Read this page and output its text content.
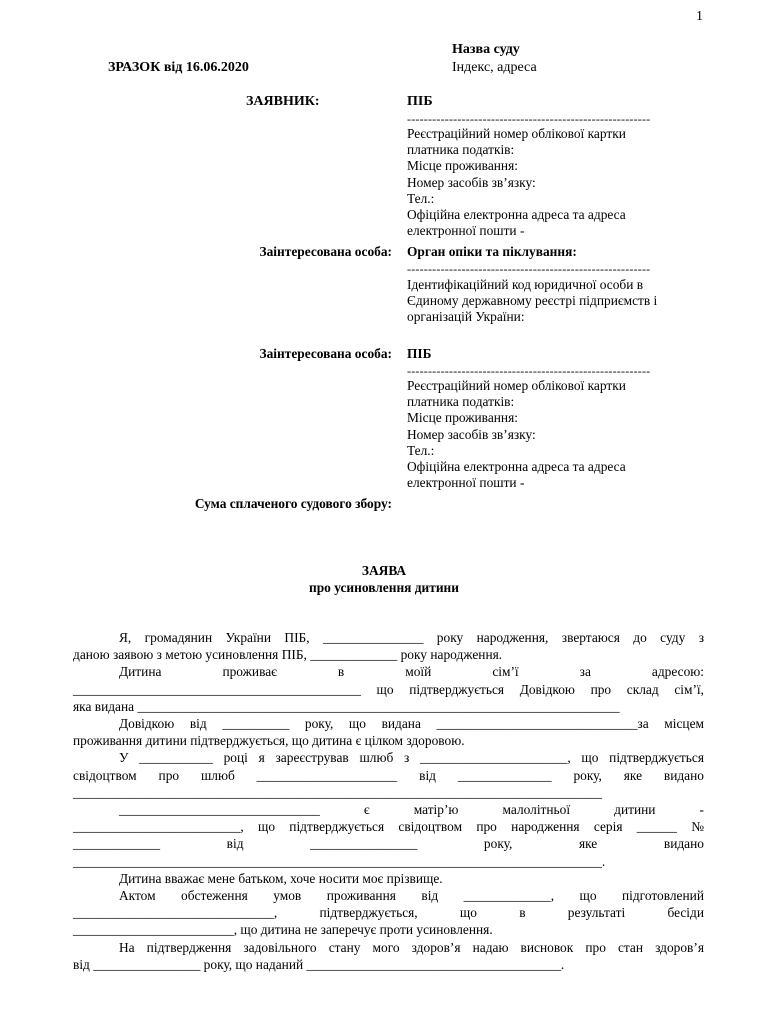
1
Назва суду
ЗРАЗОК від 16.06.2020	Індекс, адреса
ЗАЯВНИК:	ПІБ
----------------------------------------------------------
Реєстраційний номер облікової картки
платника податків:
Місце проживання:
Номер засобів зв’язку:
Тел.:
Офіційна електронна адреса та адреса
електронної пошти -
Заінтересована особа: Орган опіки та піклування:
----------------------------------------------------------
Ідентифікаційний код юридичної особи в
Єдиному державному реєстрі підприємств і
організацій України:
Заінтересована особа: ПІБ
----------------------------------------------------------
Реєстраційний номер облікової картки
платника податків:
Місце проживання:
Номер засобів зв’язку:
Тел.:
Офіційна електронна адреса та адреса
електронної пошти -
Сума сплаченого судового збору:
ЗАЯВА
про усиновлення дитини

Я, громадянин України ПІБ, _______________ року народження, звертаюся до суду з

даною заявою з метою усиновлення ПІБ, _____________ року народження.

Дитина проживає в моїй сім’ї за адресою:

___________________________________________ що підтверджується Довідкою про склад сім’ї,

яка видана ________________________________________________________________________

Довідкою від __________ року, що видана ______________________________за місцем

проживання дитини підтверджується, що дитина є цілком здоровою.

У ___________ році я зареєстрував шлюб з ______________________, що підтверджується

свідоцтвом про шлюб _____________________ від ______________ року, яке видано

_______________________________________________________________________________

______________________________ є матір’ю малолітньої дитини -

_________________________, що підтверджується свідоцтвом про народження серія ______ №

_____________ від ________________ року, яке видано

_______________________________________________________________________________.

Дитина вважає мене батьком, хоче носити моє прізвище.

Актом обстеження умов проживання від _____________, що підготовлений

______________________________, підтверджується, що в результаті бесіди

________________________, що дитина не заперечує проти усиновлення.

На підтвердження задовільного стану мого здоров’я надаю висновок про стан здоров’я

від ________________ року, що наданий ______________________________________.
